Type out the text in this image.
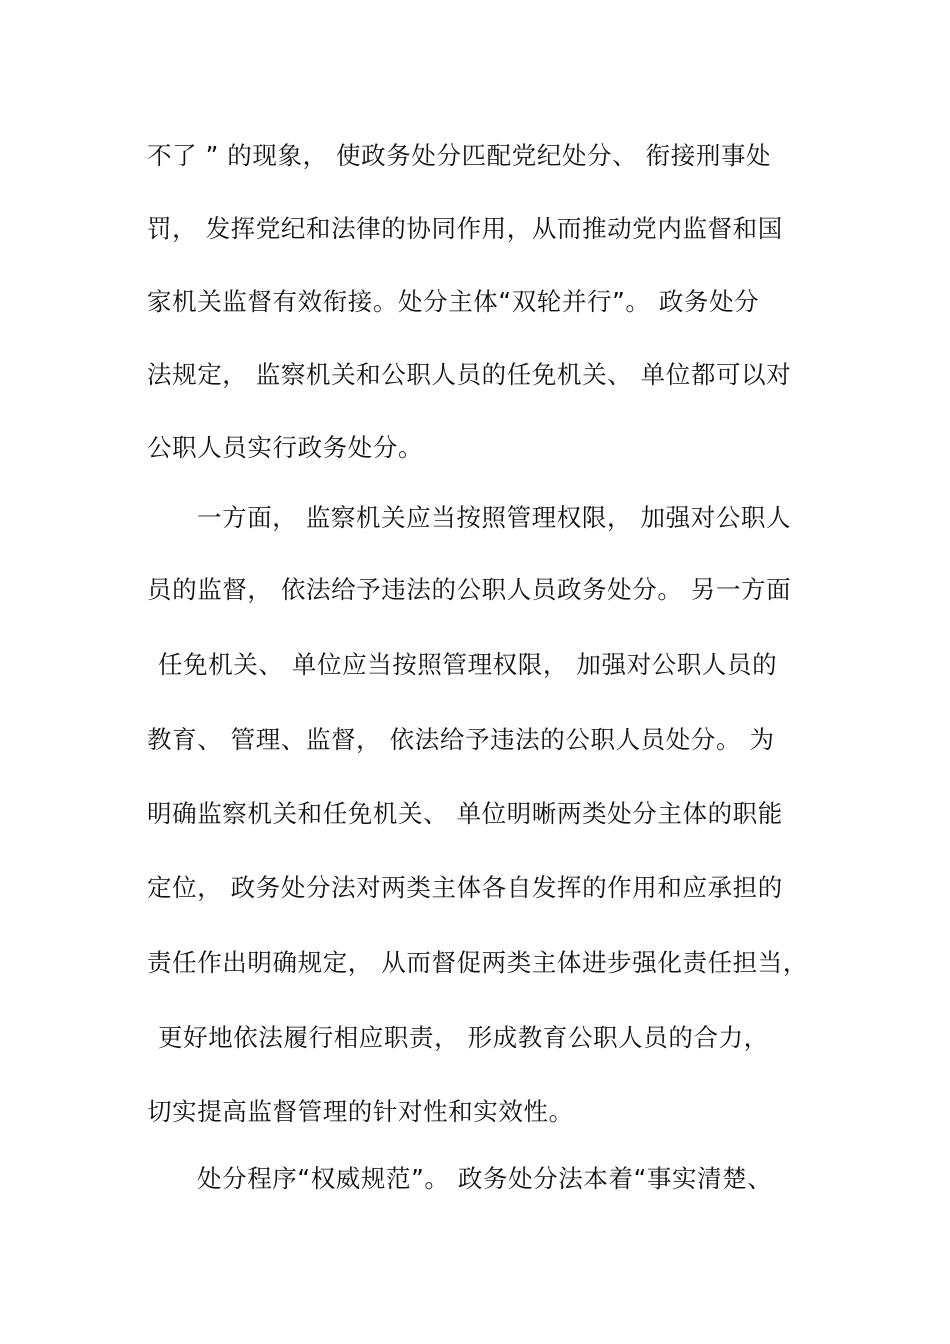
不了 ” 的现象， 使政务处分匹配党纪处分、 衔接刑事处
罚， 发挥党纪和法律的协同作用，从而推动党内监督和国
家机关监督有效衔接。处分主体“双轮并行”。 政务处分
法规定， 监察机关和公职人员的任免机关、 单位都可以对
公职人员实行政务处分。
一方面， 监察机关应当按照管理权限， 加强对公职人
员的监督， 依法给予违法的公职人员政务处分。 另一方面
任免机关、 单位应当按照管理权限， 加强对公职人员的
教育、 管理、监督， 依法给予违法的公职人员处分。 为
明确监察机关和任免机关、 单位明晰两类处分主体的职能
定位， 政务处分法对两类主体各自发挥的作用和应承担的
责任作出明确规定， 从而督促两类主体进步强化责任担当，
更好地依法履行相应职责， 形成教育公职人员的合力，
切实提高监督管理的针对性和实效性。
处分程序“权威规范”。 政务处分法本着“事实清楚、
